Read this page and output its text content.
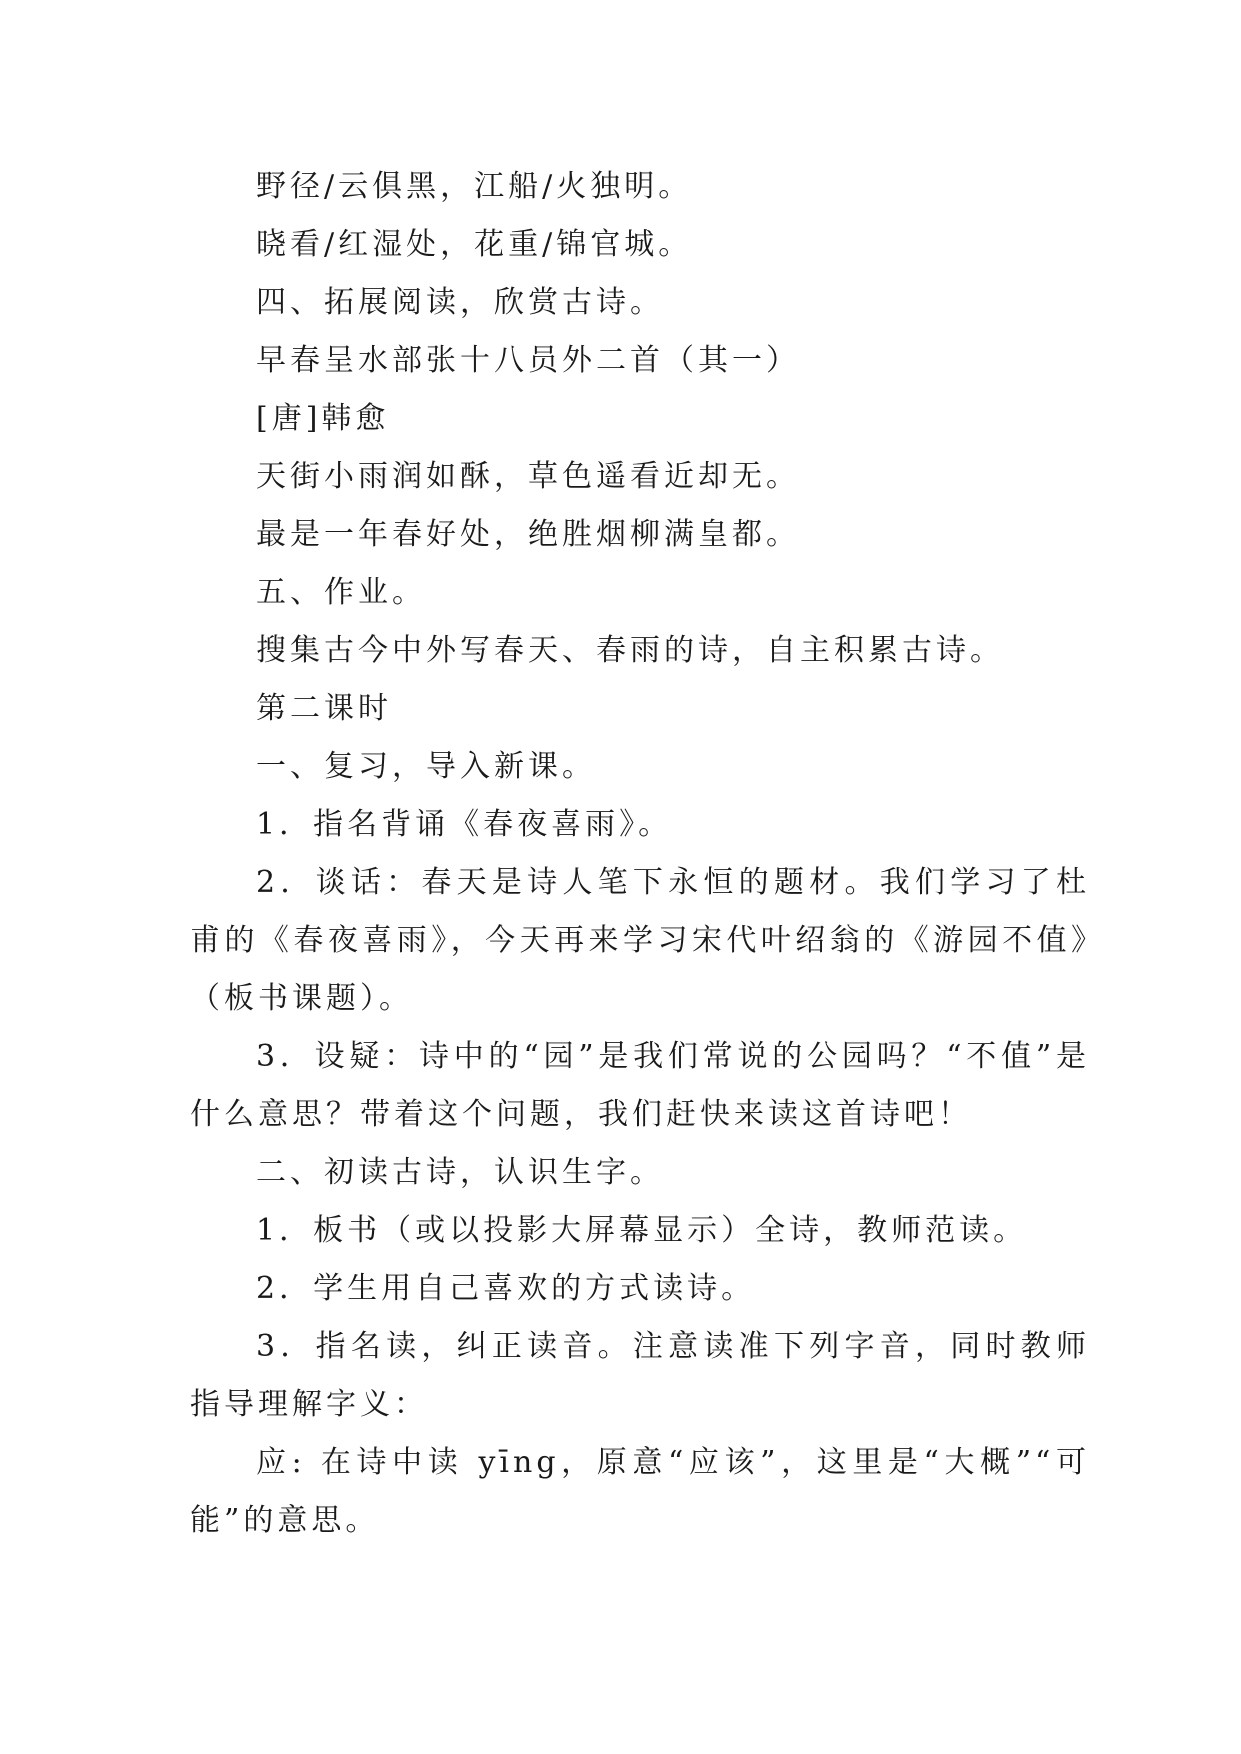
野径/云俱黑，江船/火独明。
晓看/红湿处，花重/锦官城。
四、拓展阅读，欣赏古诗。
早春呈水部张十八员外二首（其一）
[唐]韩愈
天街小雨润如酥，草色遥看近却无。
最是一年春好处，绝胜烟柳满皇都。
五、作业。
搜集古今中外写春天、春雨的诗，自主积累古诗。
第二课时
一、复习，导入新课。
1．指名背诵《春夜喜雨》。

2．谈话：春天是诗人笔下永恒的题材。我们学习了杜甫的《春夜喜雨》，今天再来学习宋代叶绍翁的《游园不值》（板书课题）。

3．设疑：诗中的“园”是我们常说的公园吗？“不值”是什么意思？带着这个问题，我们赶快来读这首诗吧！

二、初读古诗，认识生字。
1．板书（或以投影大屏幕显示）全诗，教师范读。
2．学生用自己喜欢的方式读诗。

3．指名读，纠正读音。注意读准下列字音，同时教师指导理解字义：

应: 在诗中读 yīng，原意“应该”，这里是“大概”“可能”的意思。
